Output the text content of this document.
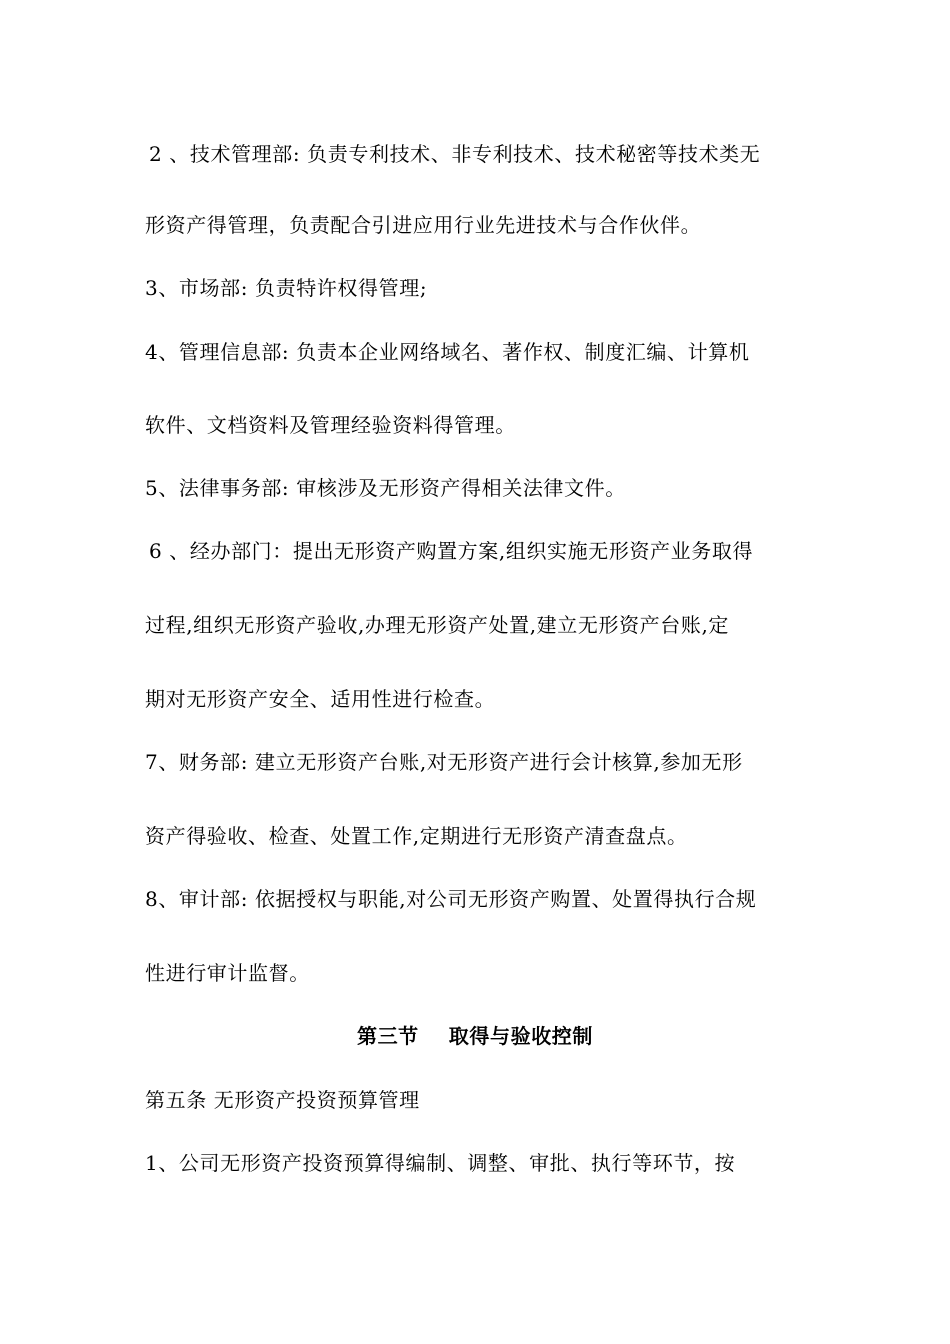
2 、技术管理部: 负责专利技术、非专利技术、技术秘密等技术类无
形资产得管理，负责配合引进应用行业先进技术与合作伙伴。
3、市场部: 负责特许权得管理;
4、管理信息部: 负责本企业网络域名、著作权、制度汇编、计算机
软件、文档资料及管理经验资料得管理。
5、法律事务部: 审核涉及无形资产得相关法律文件。
6 、经办部门：提出无形资产购置方案,组织实施无形资产业务取得
过程,组织无形资产验收,办理无形资产处置,建立无形资产台账,定
期对无形资产安全、适用性进行检查。
7、财务部: 建立无形资产台账,对无形资产进行会计核算,参加无形
资产得验收、检查、处置工作,定期进行无形资产清查盘点。
8、审计部: 依据授权与职能,对公司无形资产购置、处置得执行合规
性进行审计监督。
第三节 取得与验收控制
第五条 无形资产投资预算管理
1、公司无形资产投资预算得编制、调整、审批、执行等环节，按
